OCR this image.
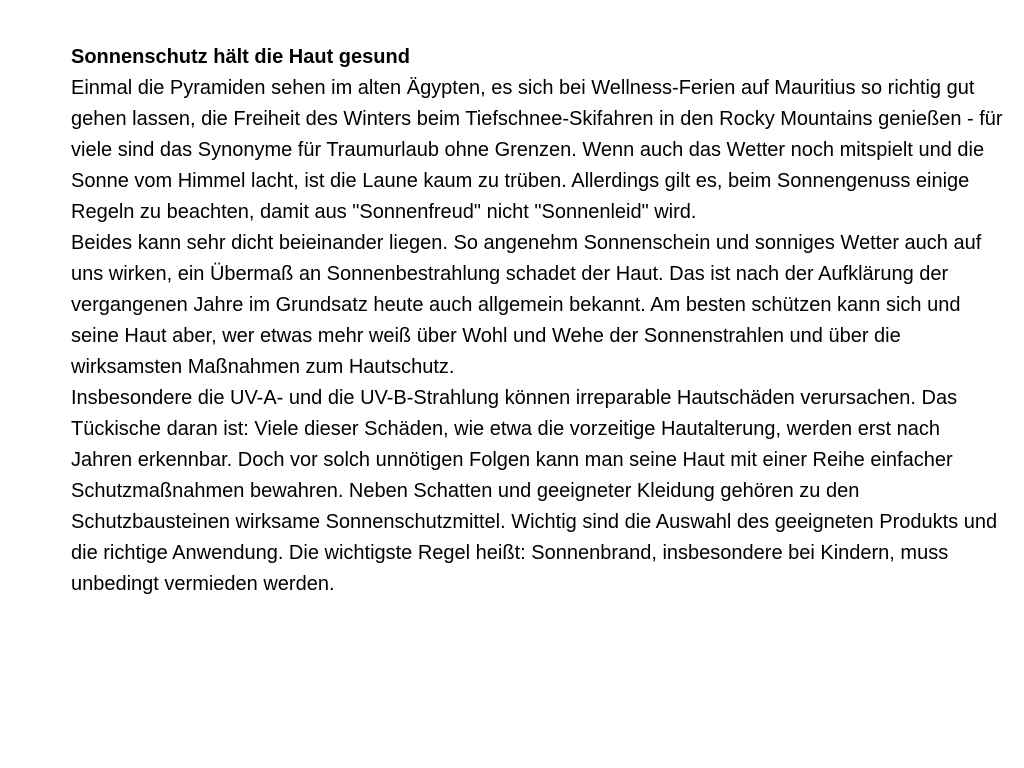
Sonnenschutz hält die Haut gesund

Einmal die Pyramiden sehen im alten Ägypten, es sich bei Wellness-Ferien auf Mauritius so richtig gut gehen lassen, die Freiheit des Winters beim Tiefschnee-Skifahren in den Rocky Mountains genießen - für viele sind das Synonyme für Traumurlaub ohne Grenzen. Wenn auch das Wetter noch mitspielt und die Sonne vom Himmel lacht, ist die Laune kaum zu trüben. Allerdings gilt es, beim Sonnengenuss einige Regeln zu beachten, damit aus "Sonnenfreud" nicht "Sonnenleid" wird.

Beides kann sehr dicht beieinander liegen. So angenehm Sonnenschein und sonniges Wetter auch auf uns wirken, ein Übermaß an Sonnenbestrahlung schadet der Haut. Das ist nach der Aufklärung der vergangenen Jahre im Grundsatz heute auch allgemein bekannt. Am besten schützen kann sich und seine Haut aber, wer etwas mehr weiß über Wohl und Wehe der Sonnenstrahlen und über die wirksamsten Maßnahmen zum Hautschutz.

Insbesondere die UV-A- und die UV-B-Strahlung können irreparable Hautschäden verursachen. Das Tückische daran ist: Viele dieser Schäden, wie etwa die vorzeitige Hautalterung, werden erst nach Jahren erkennbar. Doch vor solch unnötigen Folgen kann man seine Haut mit einer Reihe einfacher Schutzmaßnahmen bewahren. Neben Schatten und geeigneter Kleidung gehören zu den Schutzbausteinen wirksame Sonnenschutzmittel. Wichtig sind die Auswahl des geeigneten Produkts und die richtige Anwendung. Die wichtigste Regel heißt: Sonnenbrand, insbesondere bei Kindern, muss unbedingt vermieden werden.
